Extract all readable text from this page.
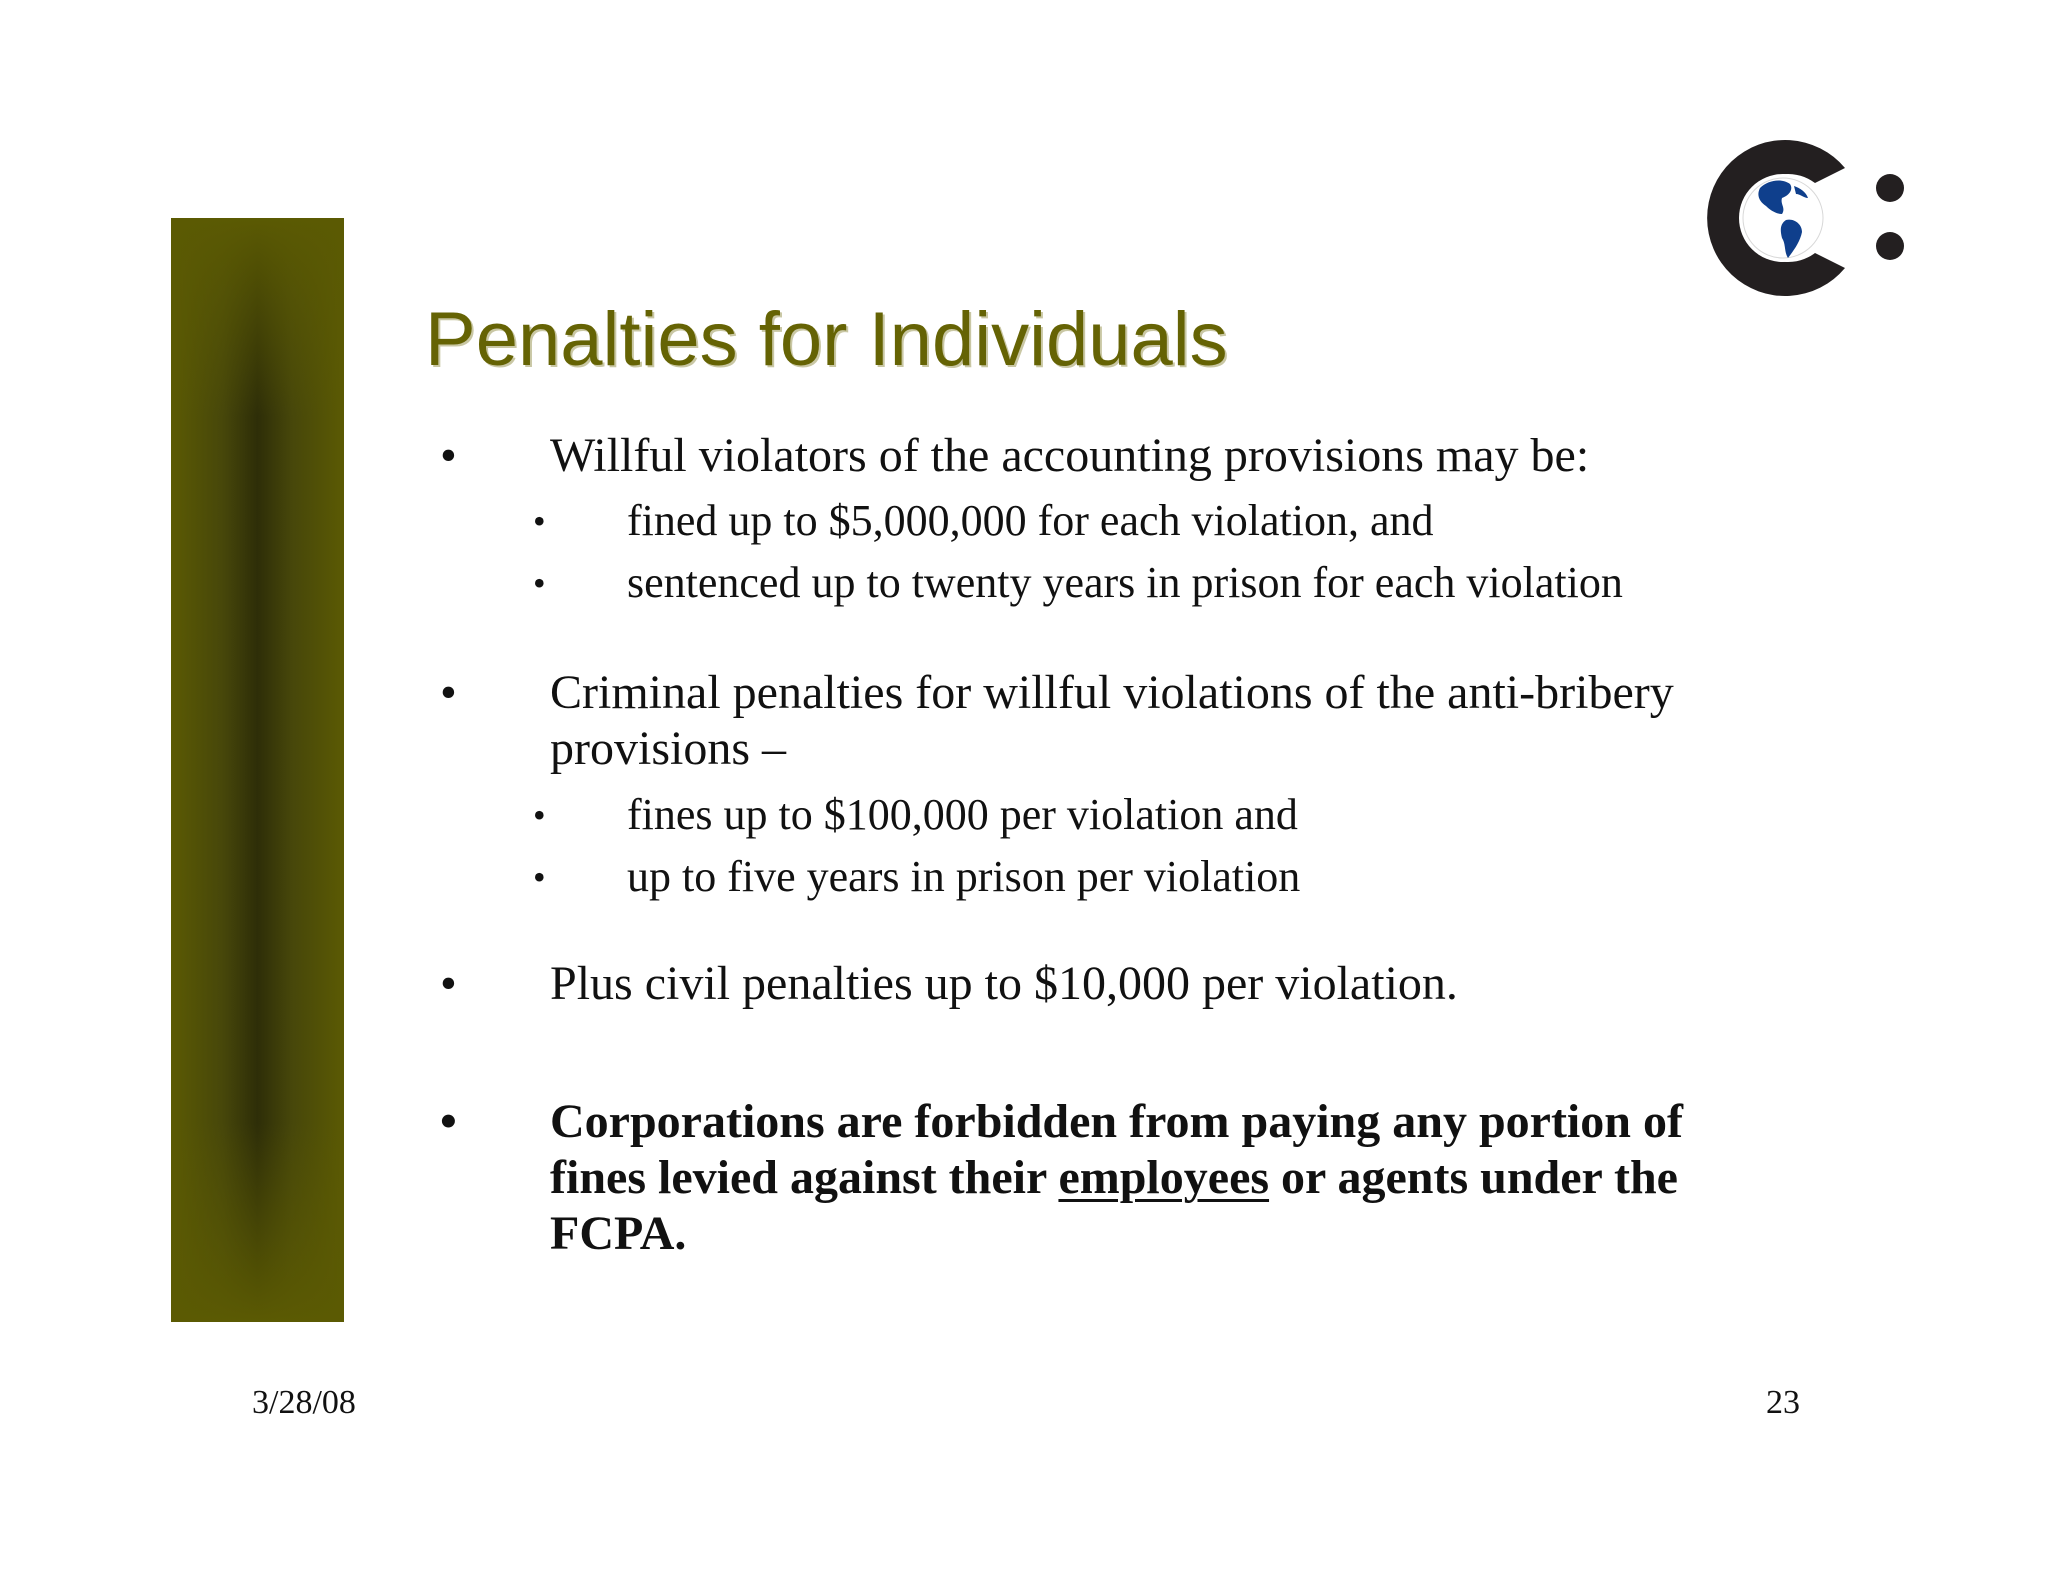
Penalties for Individuals
•	Willful violators of the accounting provisions may be:
• fined up to $5,000,000 for each violation, and
• sentenced up to twenty years in prison for each violation
•	Criminal penalties for willful violations of the anti-bribery
provisions –
• fines up to $100,000 per violation and
• up to five years in prison per violation
•	Plus civil penalties up to $10,000 per violation.
•	Corporations are forbidden from paying any portion of
fines levied against their employees or agents under the
FCPA.
3/28/08	23
